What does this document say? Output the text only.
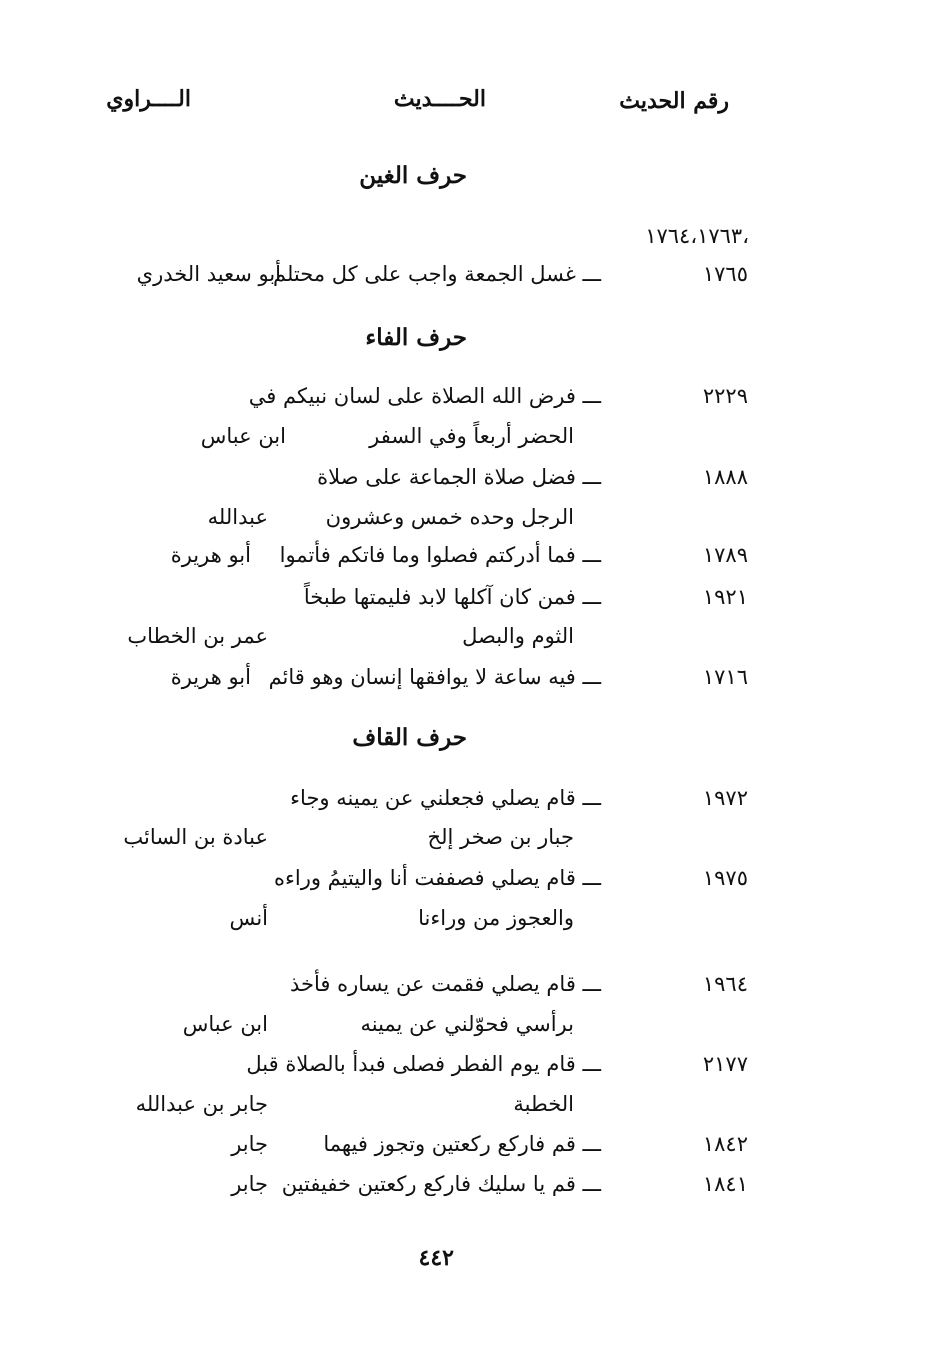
رقم الحديث
الحــــديث
الــــراوي
حرف الغين
،١٧٦٤،١٧٦٣
١٧٦٥
ـــ غسل الجمعة واجب على كل محتلم
أبو سعيد الخدري
حرف الفاء
٢٢٢٩
ـــ فرض الله الصلاة على لسان نبيكم في
الحضر أربعاً وفي السفر
ابن عباس
١٨٨٨
ـــ فضل صلاة الجماعة على صلاة
الرجل وحده خمس وعشرون
عبدالله
١٧٨٩
ـــ فما أدركتم فصلوا وما فاتكم فأتموا
أبو هريرة
١٩٢١
ـــ فمن كان آكلها لابد فليمتها طبخاً
الثوم والبصل
عمر بن الخطاب
١٧١٦
ـــ فيه ساعة لا يوافقها إنسان وهو قائم
أبو هريرة
حرف القاف
١٩٧٢
ـــ قام يصلي فجعلني عن يمينه وجاء
جبار بن صخر إلخ
عبادة بن السائب
١٩٧٥
ـــ قام يصلي فصففت أنا واليتيمُ وراءه
والعجوز من وراءنا
أنس
١٩٦٤
ـــ قام يصلي فقمت عن يساره فأخذ
برأسي فحوّلني عن يمينه
ابن عباس
٢١٧٧
ـــ قام يوم الفطر فصلى فبدأ بالصلاة قبل
الخطبة
جابر بن عبدالله
١٨٤٢
ـــ قم فاركع ركعتين وتجوز فيهما
جابر
١٨٤١
ـــ قم يا سليك فاركع ركعتين خفيفتين
جابر
٤٤٢
